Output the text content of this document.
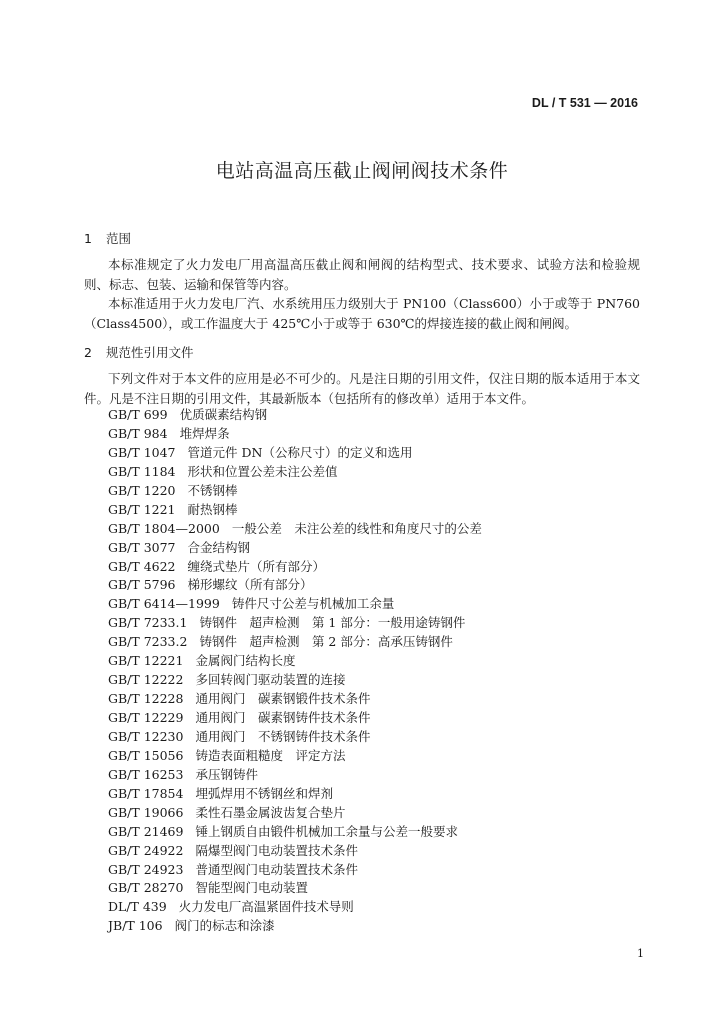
DL / T 531 — 2016
电站高温高压截止阀闸阀技术条件
1 范围

本标准规定了火力发电厂用高温高压截止阀和闸阀的结构型式、技术要求、试验方法和检验规则、标志、包装、运输和保管等内容。

本标准适用于火力发电厂汽、水系统用压力级别大于 PN100（Class600）小于或等于 PN760（Class4500），或工作温度大于 425℃小于或等于 630℃的焊接连接的截止阀和闸阀。

2 规范性引用文件

下列文件对于本文件的应用是必不可少的。凡是注日期的引用文件，仅注日期的版本适用于本文件。凡是不注日期的引用文件，其最新版本（包括所有的修改单）适用于本文件。

GB/T 699 优质碳素结构钢
GB/T 984 堆焊焊条
GB/T 1047 管道元件 DN（公称尺寸）的定义和选用
GB/T 1184 形状和位置公差未注公差值
GB/T 1220 不锈钢棒
GB/T 1221 耐热钢棒
GB/T 1804—2000 一般公差　未注公差的线性和角度尺寸的公差
GB/T 3077 合金结构钢
GB/T 4622 缠绕式垫片（所有部分）
GB/T 5796 梯形螺纹（所有部分）
GB/T 6414—1999 铸件尺寸公差与机械加工余量
GB/T 7233.1 铸钢件　超声检测　第 1 部分：一般用途铸钢件
GB/T 7233.2 铸钢件　超声检测　第 2 部分：高承压铸钢件
GB/T 12221 金属阀门结构长度
GB/T 12222 多回转阀门驱动装置的连接
GB/T 12228 通用阀门　碳素钢锻件技术条件
GB/T 12229 通用阀门　碳素钢铸件技术条件
GB/T 12230 通用阀门　不锈钢铸件技术条件
GB/T 15056 铸造表面粗糙度　评定方法
GB/T 16253 承压钢铸件
GB/T 17854 埋弧焊用不锈钢丝和焊剂
GB/T 19066 柔性石墨金属波齿复合垫片
GB/T 21469 锤上钢质自由锻件机械加工余量与公差一般要求
GB/T 24922 隔爆型阀门电动装置技术条件
GB/T 24923 普通型阀门电动装置技术条件
GB/T 28270 智能型阀门电动装置
DL/T 439 火力发电厂高温紧固件技术导则
JB/T 106 阀门的标志和涂漆
1
